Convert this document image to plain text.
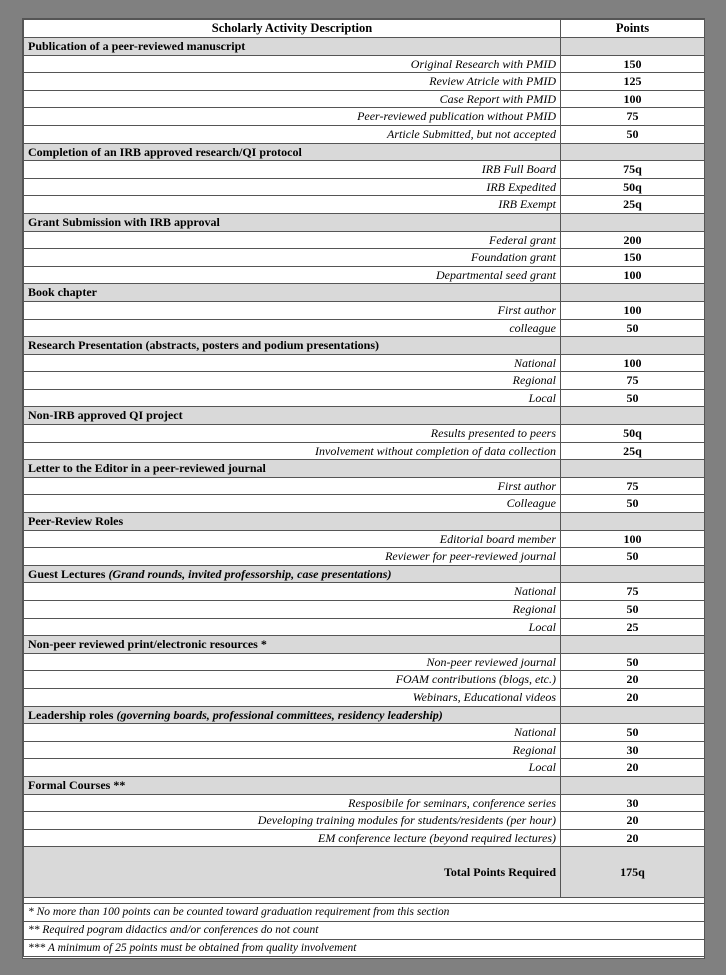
Scholarly Activity Description	Points
Publication of a peer-reviewed manuscript	
Original Research with PMID	150
Review Atricle with PMID	125
Case Report with PMID	100
Peer-reviewed publication without PMID	75
Article Submitted, but not accepted	50
Completion of an IRB approved research/QI protocol	
IRB Full Board	75q
IRB Expedited	50q
IRB Exempt	25q
Grant Submission with IRB approval	
Federal grant	200
Foundation grant	150
Departmental seed grant	100
Book chapter	
First author	100
colleague	50
Research Presentation (abstracts, posters and podium presentations)	
National	100
Regional	75
Local	50
Non-IRB approved QI project	
Results presented to peers	50q
Involvement without completion of data collection	25q
Letter to the Editor in a peer-reviewed journal	
First author	75
Colleague	50
Peer-Review Roles	
Editorial board member	100
Reviewer for peer-reviewed journal	50
Guest Lectures (Grand rounds, invited professorship, case presentations)	
National	75
Regional	50
Local	25
Non-peer reviewed print/electronic resources *	
Non-peer reviewed journal	50
FOAM contributions (blogs, etc.)	20
Webinars, Educational videos	20
Leadership roles (governing boards, professional committees, residency leadership)	
National	50
Regional	30
Local	20
Formal Courses **	
Resposibile for seminars, conference series	30
Developing training modules for students/residents (per hour)	20
EM conference lecture (beyond required lectures)	20
Total Points Required	175q

* No more than 100 points can be counted toward graduation requirement from this section	
** Required pogram didactics and/or conferences do not count	
*** A minimum of 25 points must be obtained from quality involvement	
